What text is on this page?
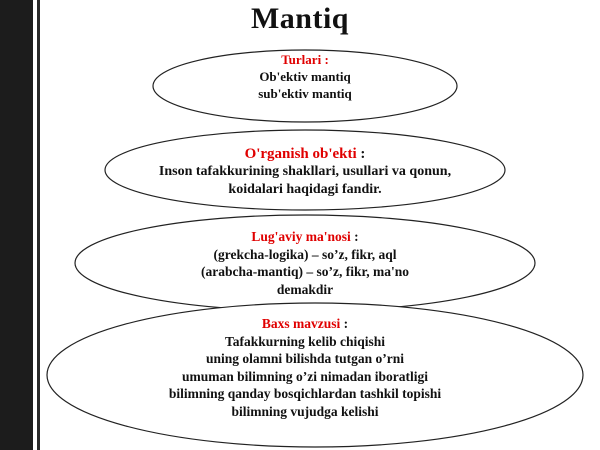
Mantiq
Turlari :
Ob'ektiv mantiq
sub'ektiv mantiq
O'rganish ob'ekti :
Inson tafakkurining shakllari, usullari va qonun,
koidalari haqidagi fandir.
Lug'aviy ma'nosi :
(grekcha-logika) – so’z, fikr, aql
(arabcha-mantiq) – so’z, fikr, ma'no
demakdir
Baxs mavzusi :
Tafakkurning kelib chiqishi
uning olamni bilishda tutgan o’rni
umuman bilimning o’zi nimadan iboratligi
bilimning qanday bosqichlardan tashkil topishi
bilimning vujudga kelishi
